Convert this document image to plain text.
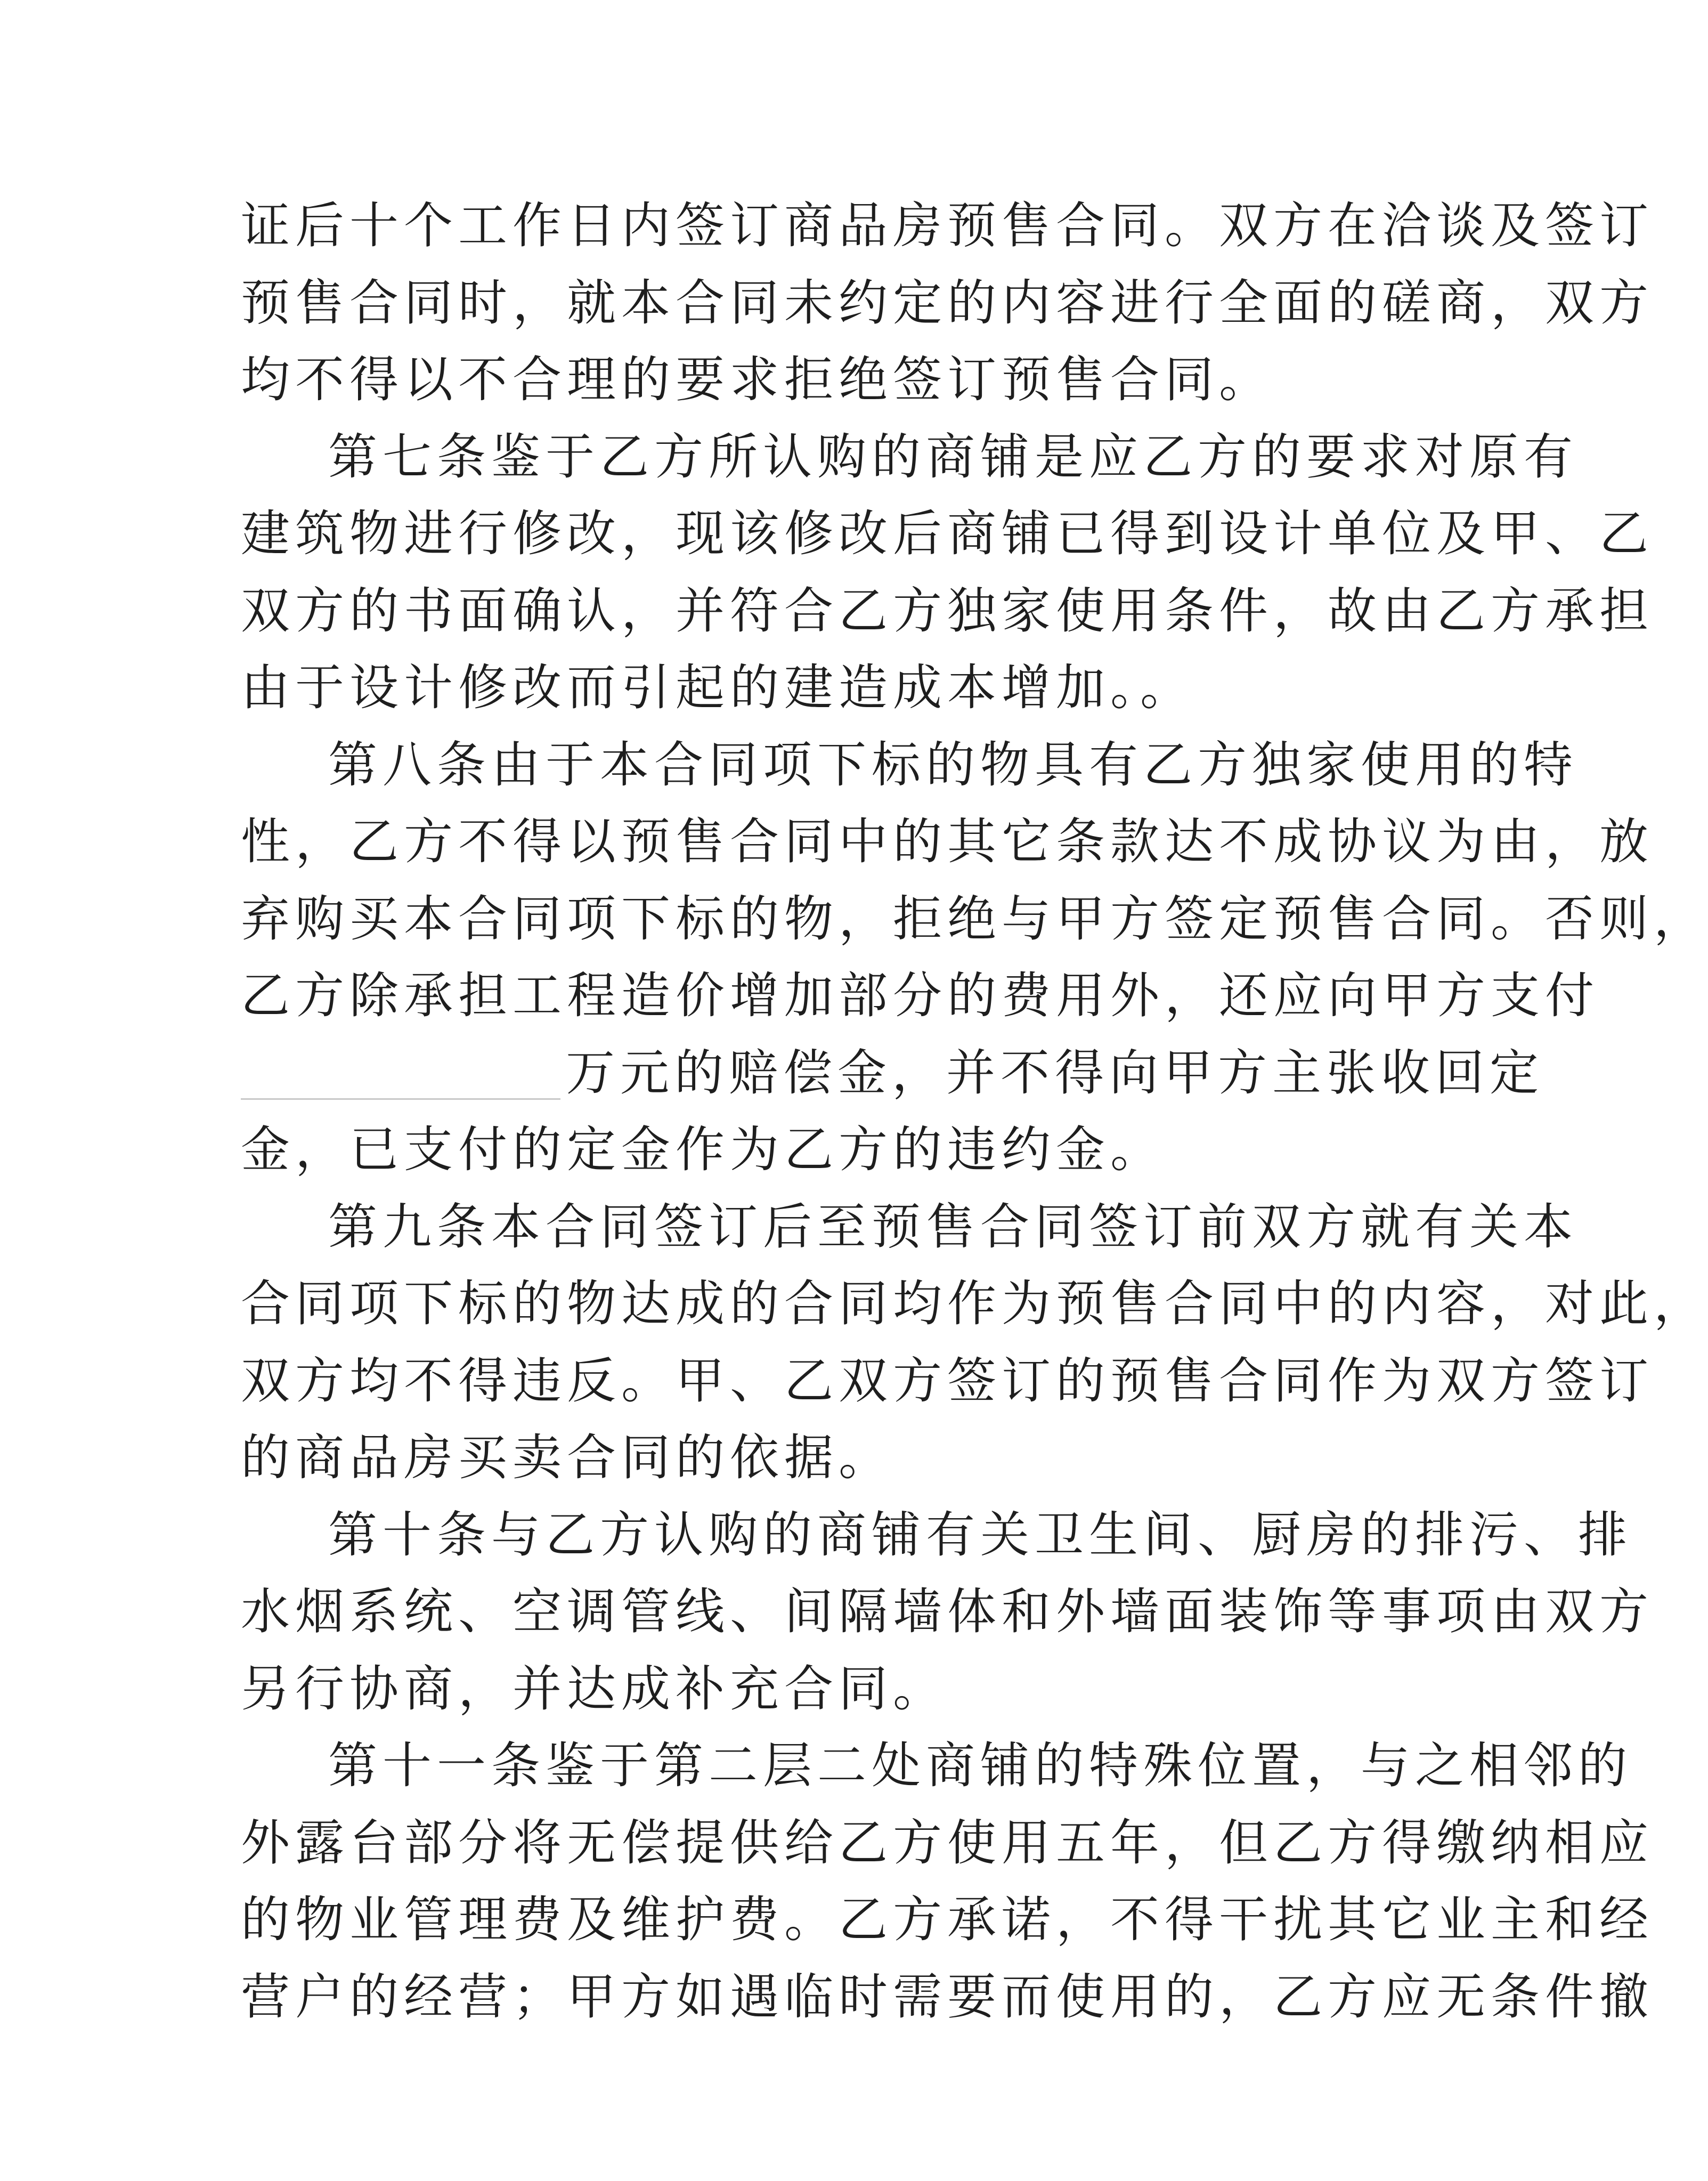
证后十个工作日内签订商品房预售合同。双方在洽谈及签订
预售合同时，就本合同未约定的内容进行全面的磋商，双方
均不得以不合理的要求拒绝签订预售合同。
第七条鉴于乙方所认购的商铺是应乙方的要求对原有
建筑物进行修改，现该修改后商铺已得到设计单位及甲、乙
双方的书面确认，并符合乙方独家使用条件，故由乙方承担
由于设计修改而引起的建造成本增加。。
第八条由于本合同项下标的物具有乙方独家使用的特
性，乙方不得以预售合同中的其它条款达不成协议为由，放
弃购买本合同项下标的物，拒绝与甲方签定预售合同。否则，
乙方除承担工程造价增加部分的费用外，还应向甲方支付
万元的赔偿金，并不得向甲方主张收回定
金，已支付的定金作为乙方的违约金。
第九条本合同签订后至预售合同签订前双方就有关本
合同项下标的物达成的合同均作为预售合同中的内容，对此，
双方均不得违反。甲、乙双方签订的预售合同作为双方签订
的商品房买卖合同的依据。
第十条与乙方认购的商铺有关卫生间、厨房的排污、排
水烟系统、空调管线、间隔墙体和外墙面装饰等事项由双方
另行协商，并达成补充合同。
第十一条鉴于第二层二处商铺的特殊位置，与之相邻的
外露台部分将无偿提供给乙方使用五年，但乙方得缴纳相应
的物业管理费及维护费。乙方承诺，不得干扰其它业主和经
营户的经营；甲方如遇临时需要而使用的，乙方应无条件撤
